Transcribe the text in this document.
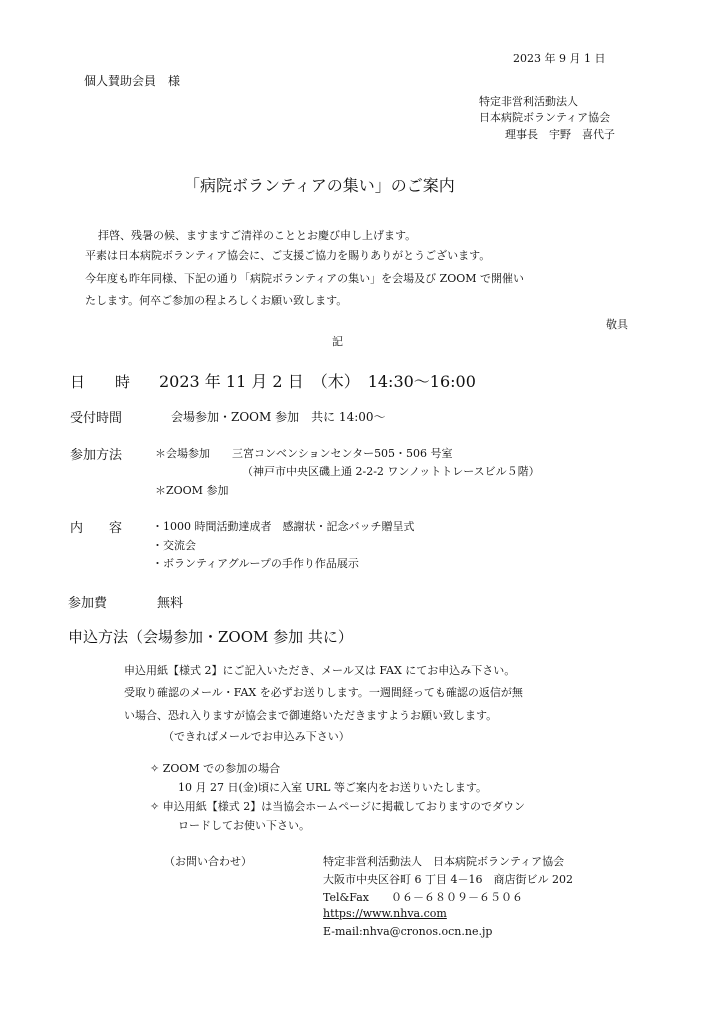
2023 年 9 月 1 日
個人賛助会員　様
特定非営利活動法人
日本病院ボランティア協会
理事長　宇野　喜代子
「病院ボランティアの集い」のご案内
拝啓、残暑の候、ますますご清祥のこととお慶び申し上げます。
平素は日本病院ボランティア協会に、ご支援ご協力を賜りありがとうございます。
今年度も昨年同様、下記の通り「病院ボランティアの集い」を会場及び ZOOM で開催い
たします。何卒ご参加の程よろしくお願い致します。
敬具
記
日　　時 2023 年 11 月 2 日　（木）　14:30～16:00
受付時間	会場参加・ZOOM 参加　共に 14:00～
参加方法	＊会場参加　　三宮コンベンションセンター505・506 号室
（神戸市中央区磯上通 2-2-2 ワンノットトレースビル５階）
＊ZOOM 参加
内　　容	・1000 時間活動達成者　感謝状・記念バッチ贈呈式
・交流会
・ボランティアグループの手作り作品展示
参加費	無料
申込方法（会場参加・ZOOM 参加 共に）
申込用紙【様式 2】にご記入いただき、メール又は FAX にてお申込み下さい。
受取り確認のメール・FAX を必ずお送りします。一週間経っても確認の返信が無
い場合、恐れ入りますが協会まで御連絡いただきますようお願い致します。
（できればメールでお申込み下さい）
✧ ZOOM での参加の場合
10 月 27 日(金)頃に入室 URL 等ご案内をお送りいたします。
✧ 申込用紙【様式 2】は当協会ホームページに掲載しておりますのでダウン
ロードしてお使い下さい。
（お問い合わせ）	特定非営利活動法人　日本病院ボランティア協会
大阪市中央区谷町 6 丁目 4－16　商店街ビル 202
Tel&Fax　　０６－６８０９－６５０６
https://www.nhva.com
E-mail:nhva@cronos.ocn.ne.jp
